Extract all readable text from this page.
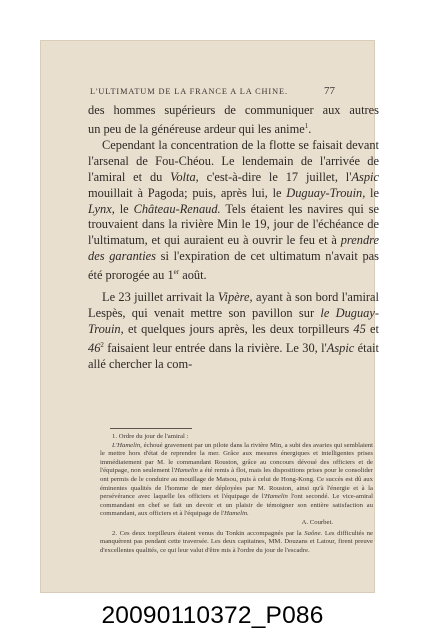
L'ULTIMATUM DE LA FRANCE A LA CHINE.	77

des hommes supérieurs de communiquer aux autres

un peu de la généreuse ardeur qui les anime$^1$.

Cependant la concentration de la flotte se faisait devant l'arsenal de Fou-Chéou. Le lendemain de l'arrivée de l'amiral et du Volta, c'est-à-dire le 17 juillet, l'Aspic mouillait à Pagoda; puis, après lui, le Duguay-Trouin, le Lynx, le Château-Renaud. Tels étaient les navires qui se trouvaient dans la rivière Min le 19, jour de l'échéance de l'ultimatum, et qui auraient eu à ouvrir le feu et à prendre des garanties si l'expiration de cet ultimatum n'avait pas été prorogée au 1er août.

Le 23 juillet arrivait la Vipère, ayant à son bord l'amiral Lespès, qui venait mettre son pavillon sur le Duguay-Trouin, et quelques jours après, les deux torpilleurs 45 et $46^2$ faisaient leur entrée dans la rivière. Le 30, l'Aspic était allé chercher la com-

1. Ordre du jour de l'amiral :

L'Hamelin, échoué gravement par un pilote dans la rivière Min, a subi des avaries qui semblaient le mettre hors d'état de reprendre la mer. Grâce aux mesures énergiques et intelligentes prises immédiatement par M. le commandant Rouston, grâce au concours dévoué des officiers et de l'équipage, non seulement l'Hamelin a été remis à flot, mais les dispositions prises pour le consolider ont permis de le conduire au mouillage de Matsou, puis à celui de Hong-Kong. Ce succès est dû aux éminentes qualités de l'homme de mer déployées par M. Rouston, ainsi qu'à l'énergie et à la persévérance avec laquelle les officiers et l'équipage de l'Hamelin l'ont secondé. Le vice-amiral commandant en chef se fait un devoir et un plaisir de témoigner son entière satisfaction au commandant, aux officiers et à l'équipage de l'Hamelin.

A. Courbet.

2. Ces deux torpilleurs étaient venus du Tonkin accompagnés par la Saône. Les difficultés ne manquèrent pas pendant cette traversée. Les deux capitaines, MM. Douzans et Latour, firent preuve d'excellentes qualités, ce qui leur valut d'être mis à l'ordre du jour de l'escadre.

20090110372_P086
